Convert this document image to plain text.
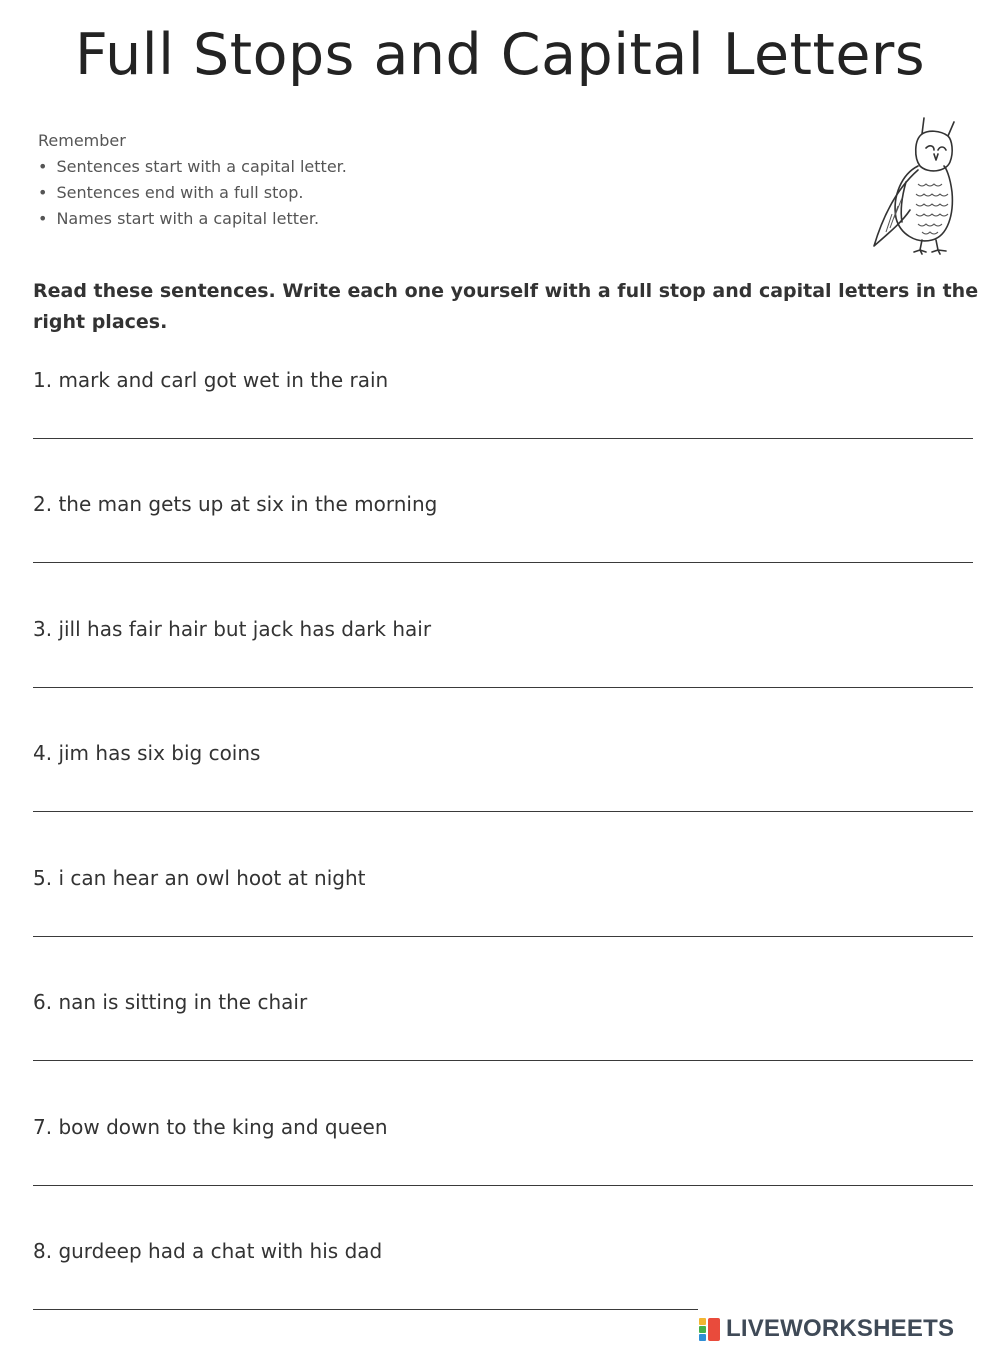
Full Stops and Capital Letters
Remember
• Sentences start with a capital letter.
• Sentences end with a full stop.
• Names start with a capital letter.
Read these sentences. Write each one yourself with a full stop and capital letters in the right places.
1. mark and carl got wet in the rain
2. the man gets up at six in the morning
3. jill has fair hair but jack has dark hair
4. jim has six big coins
5. i can hear an owl hoot at night
6. nan is sitting in the chair
7. bow down to the king and queen
8. gurdeep had a chat with his dad
LIVEWORKSHEETS
